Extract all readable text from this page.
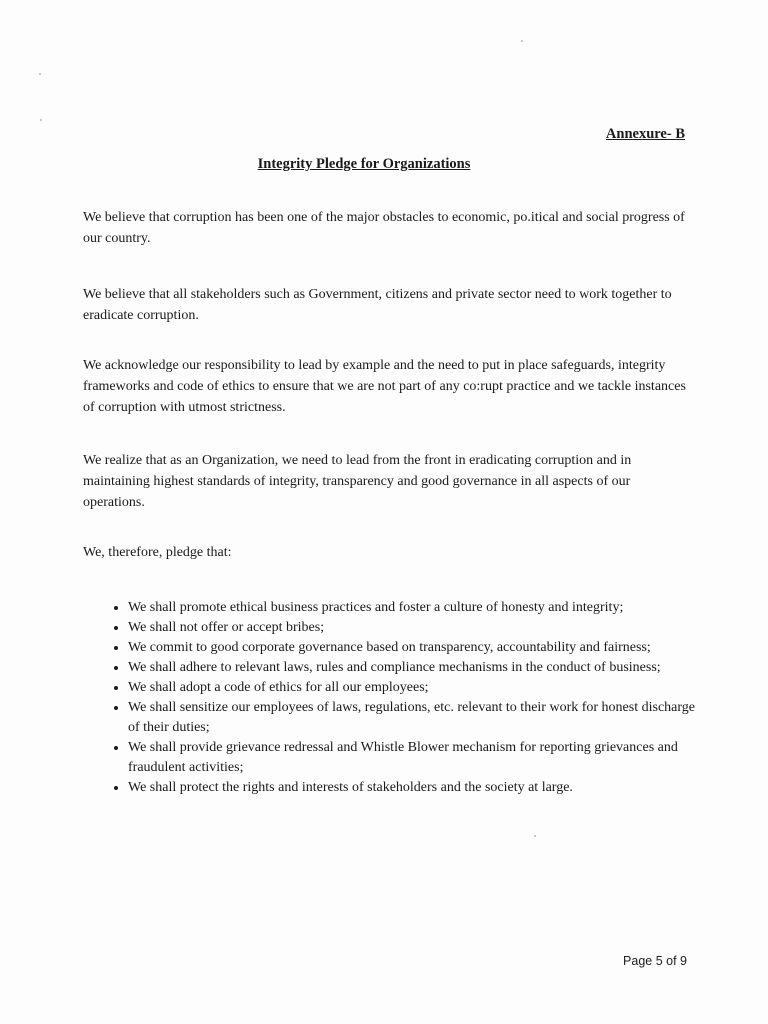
Annexure- B
Integrity Pledge for Organizations

We believe that corruption has been one of the major obstacles to economic, po.itical and social progress of our country.

We believe that all stakeholders such as Government, citizens and private sector need to work together to eradicate corruption.

We acknowledge our responsibility to lead by example and the need to put in place safeguards, integrity frameworks and code of ethics to ensure that we are not part of any co:rupt practice and we tackle instances of corruption with utmost strictness.

We realize that as an Organization, we need to lead from the front in eradicating corruption and in maintaining highest standards of integrity, transparency and good governance in all aspects of our operations.

We, therefore, pledge that:

• We shall promote ethical business practices and foster a culture of honesty and integrity;
• We shall not offer or accept bribes;
• We commit to good corporate governance based on transparency, accountability and fairness;
• We shall adhere to relevant laws, rules and compliance mechanisms in the conduct of business;
• We shall adopt a code of ethics for all our employees;
• We shall sensitize our employees of laws, regulations, etc. relevant to their work for honest discharge of their duties;
• We shall provide grievance redressal and Whistle Blower mechanism for reporting grievances and fraudulent activities;
• We shall protect the rights and interests of stakeholders and the society at large.
Page 5 of 9
